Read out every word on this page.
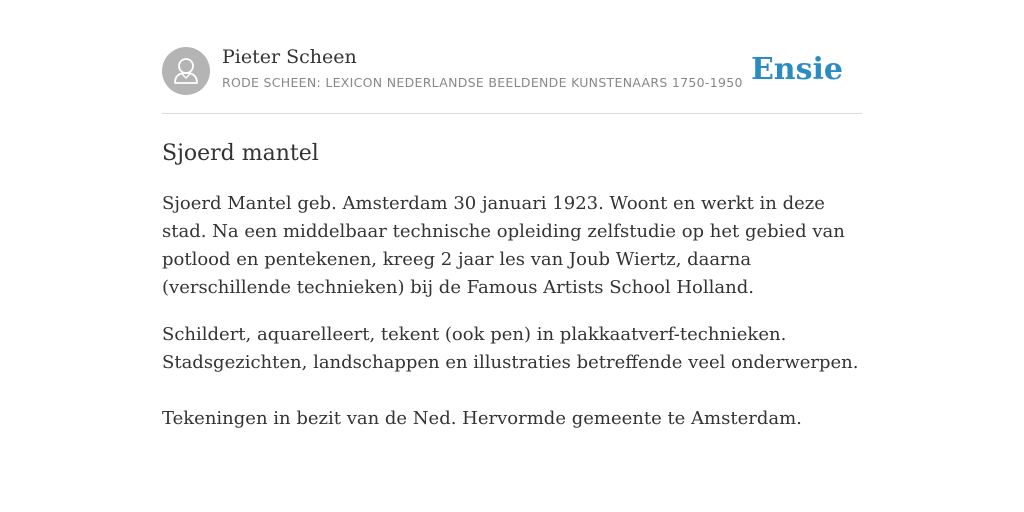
Pieter Scheen
RODE SCHEEN: LEXICON NEDERLANDSE BEELDENDE KUNSTENAARS 1750-1950 Ensie
Sjoerd mantel

Sjoerd Mantel geb. Amsterdam 30 januari 1923. Woont en werkt in deze stad. Na een middelbaar technische opleiding zelfstudie op het gebied van potlood en pentekenen, kreeg 2 jaar les van Joub Wiertz, daarna (verschillende technieken) bij de Famous Artists School Holland.

Schildert, aquarelleert, tekent (ook pen) in plakkaatverf-technieken. Stadsgezichten, landschappen en illustraties betreffende veel onderwerpen.

Tekeningen in bezit van de Ned. Hervormde gemeente te Amsterdam.
